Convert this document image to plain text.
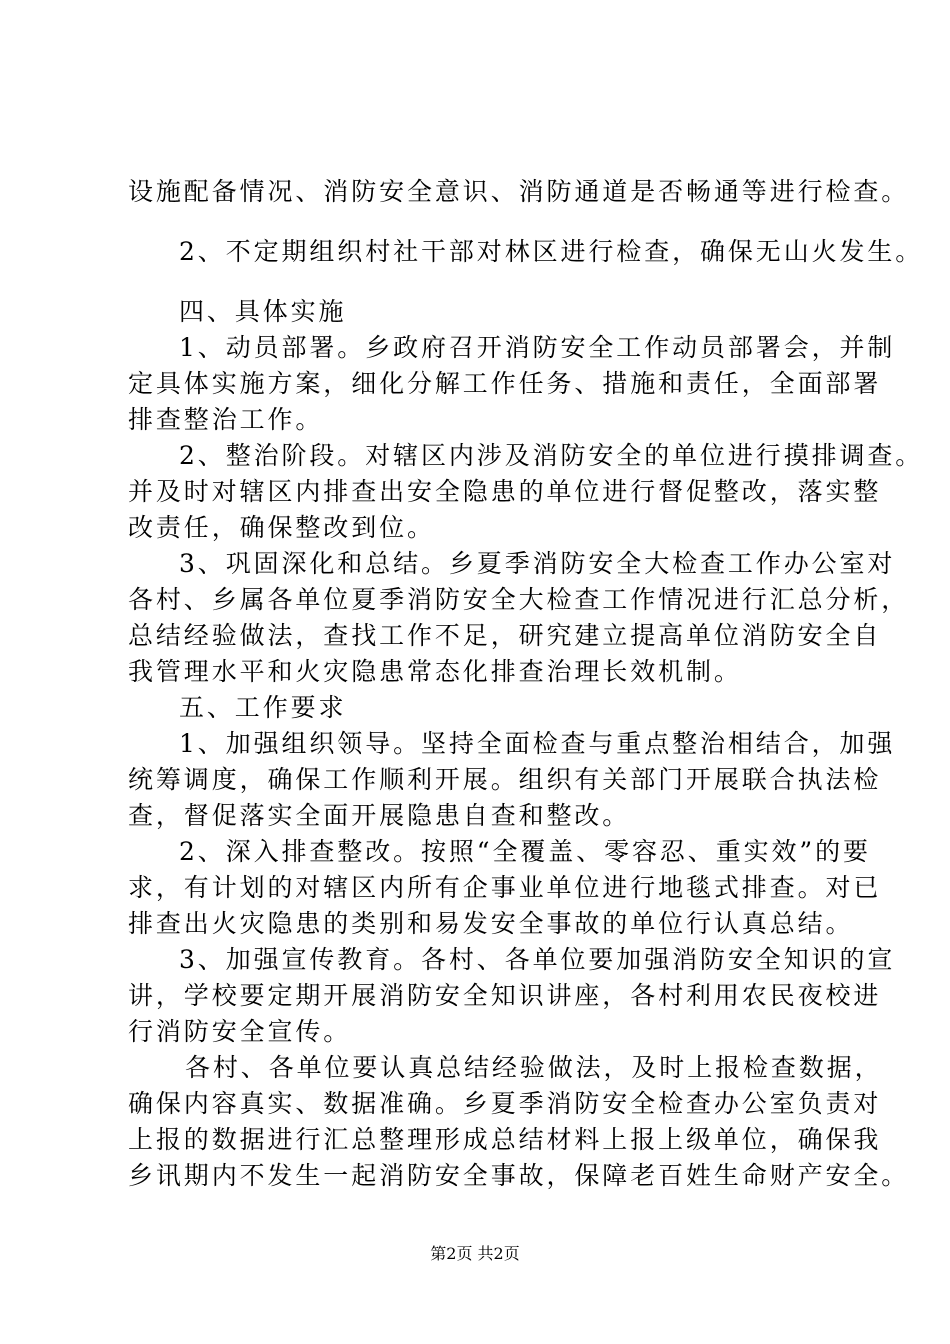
设施配备情况、消防安全意识、消防通道是否畅通等进行检查。
2、不定期组织村社干部对林区进行检查，确保无山火发生。
四、具体实施
1、动员部署。乡政府召开消防安全工作动员部署会，并制
定具体实施方案，细化分解工作任务、措施和责任，全面部署
排查整治工作。
2、整治阶段。对辖区内涉及消防安全的单位进行摸排调查。
并及时对辖区内排查出安全隐患的单位进行督促整改，落实整
改责任，确保整改到位。
3、巩固深化和总结。乡夏季消防安全大检查工作办公室对
各村、乡属各单位夏季消防安全大检查工作情况进行汇总分析，
总结经验做法，查找工作不足，研究建立提高单位消防安全自
我管理水平和火灾隐患常态化排查治理长效机制。
五、工作要求
1、加强组织领导。坚持全面检查与重点整治相结合，加强
统筹调度，确保工作顺利开展。组织有关部门开展联合执法检
查，督促落实全面开展隐患自查和整改。
2、深入排查整改。按照“全覆盖、零容忍、重实效”的要
求，有计划的对辖区内所有企事业单位进行地毯式排查。对已
排查出火灾隐患的类别和易发安全事故的单位行认真总结。
3、加强宣传教育。各村、各单位要加强消防安全知识的宣
讲，学校要定期开展消防安全知识讲座，各村利用农民夜校进
行消防安全宣传。
各村、各单位要认真总结经验做法，及时上报检查数据，
确保内容真实、数据准确。乡夏季消防安全检查办公室负责对
上报的数据进行汇总整理形成总结材料上报上级单位，确保我
乡讯期内不发生一起消防安全事故，保障老百姓生命财产安全。
第2页 共2页
